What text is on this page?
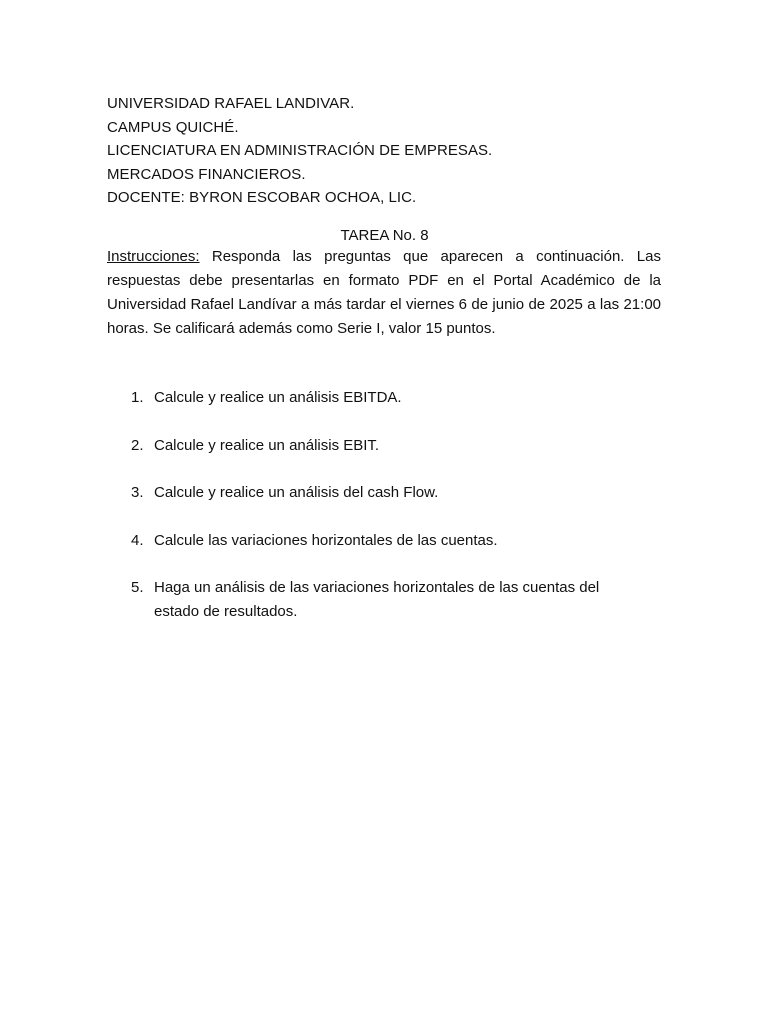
UNIVERSIDAD RAFAEL LANDIVAR.
CAMPUS QUICHÉ.
LICENCIATURA EN ADMINISTRACIÓN DE EMPRESAS.
MERCADOS FINANCIEROS.
DOCENTE: BYRON ESCOBAR OCHOA, LIC.
TAREA No. 8

Instrucciones: Responda las preguntas que aparecen a continuación. Las respuestas debe presentarlas en formato PDF en el Portal Académico de la Universidad Rafael Landívar a más tardar el viernes 6 de junio de 2025 a las 21:00 horas. Se calificará además como Serie I, valor 15 puntos.

1. Calcule y realice un análisis EBITDA.
2. Calcule y realice un análisis EBIT.
3. Calcule y realice un análisis del cash Flow.
4. Calcule las variaciones horizontales de las cuentas.
5. Haga un análisis de las variaciones horizontales de las cuentas del estado de resultados.
